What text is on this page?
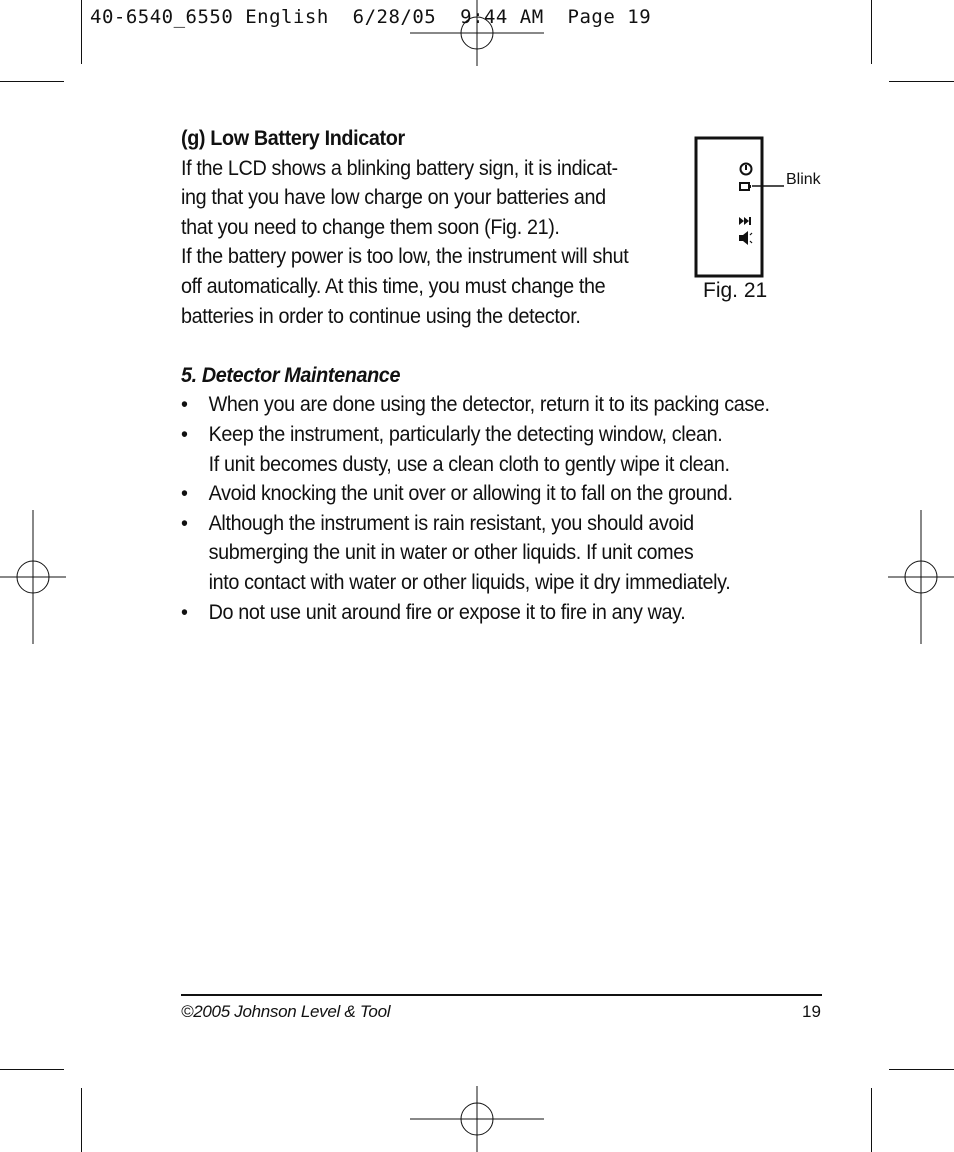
40-6540_6550 English  6/28/05  9:44 AM  Page 19
(g) Low Battery Indicator
If the LCD shows a blinking battery sign, it is indicat-
ing that you have low charge on your batteries and
that you need to change them soon (Fig. 21).
If the battery power is too low, the instrument will shut
off automatically. At this time, you must change the
batteries in order to continue using the detector.
5. Detector Maintenance
• When you are done using the detector, return it to its packing case.
• Keep the instrument, particularly the detecting window, clean.
If unit becomes dusty, use a clean cloth to gently wipe it clean.
• Avoid knocking the unit over or allowing it to fall on the ground.
• Although the instrument is rain resistant, you should avoid
submerging the unit in water or other liquids. If unit comes
into contact with water or other liquids, wipe it dry immediately.
• Do not use unit around fire or expose it to fire in any way.
Blink
Fig. 21
©2005 Johnson Level & Tool	19
